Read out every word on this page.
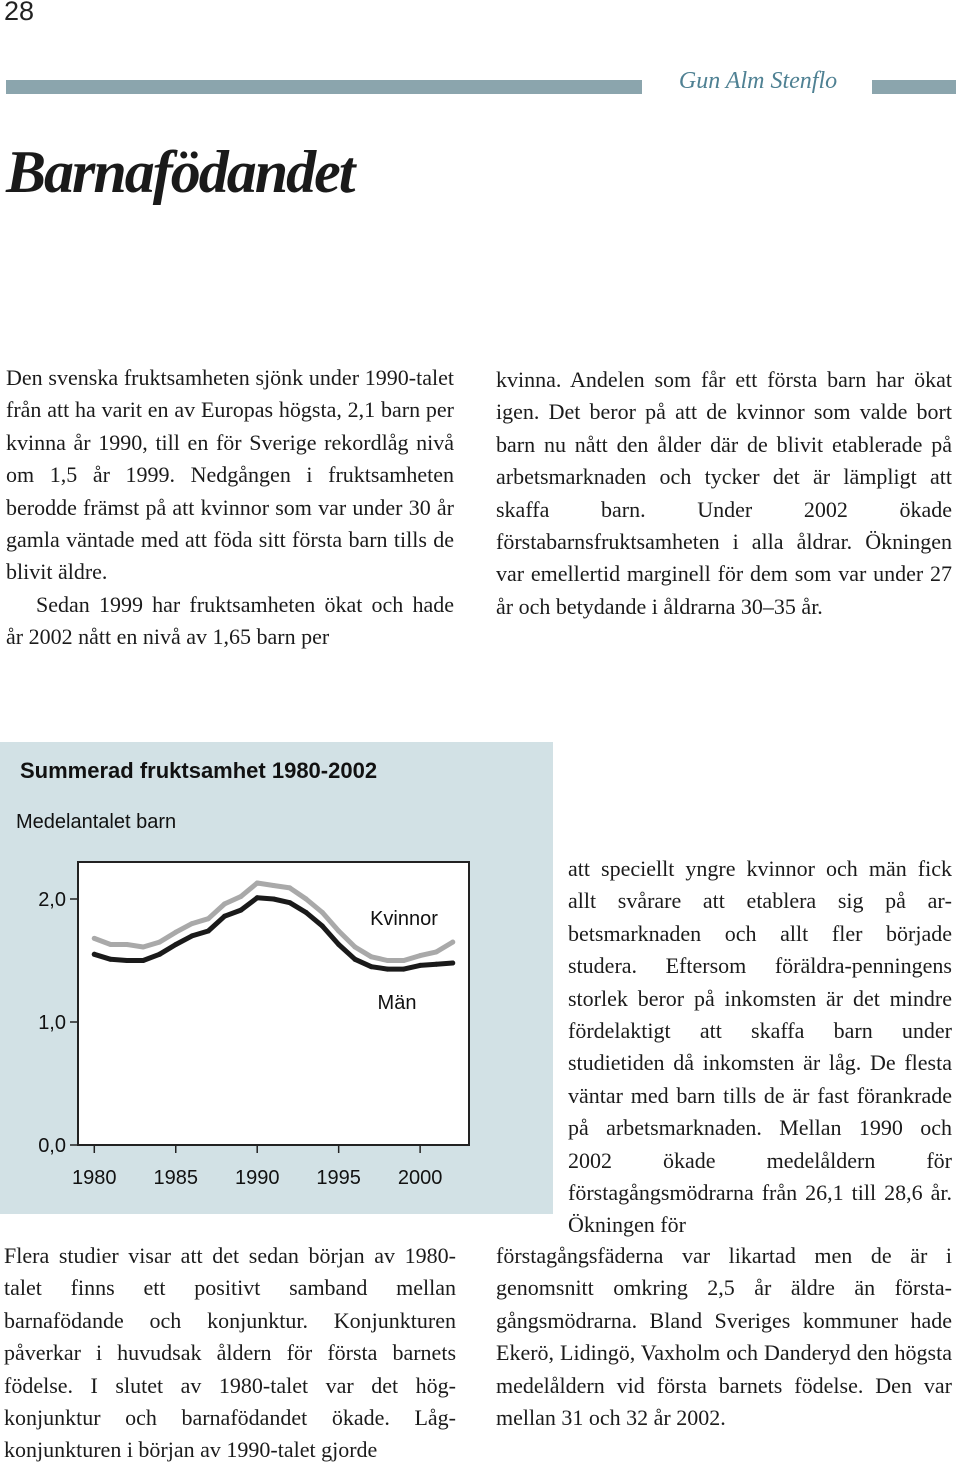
28
Gun Alm Stenflo
Barnafödandet

Den svenska fruktsamheten sjönk under 1990-talet från att ha varit en av Europas högsta, 2,1 barn per kvinna år 1990, till en för Sverige rekordlåg nivå om 1,5 år 1999. Nedgången i fruktsamheten berodde främst på att kvinnor som var under 30 år gamla väntade med att föda sitt första barn tills de blivit äldre.

Sedan 1999 har fruktsamheten ökat och hade år 2002 nått en nivå av 1,65 barn per

kvinna. Andelen som får ett första barn har ökat igen. Det beror på att de kvinnor som valde bort barn nu nått den ålder där de blivit etablerade på arbetsmarknaden och tycker det är lämpligt att skaffa barn. Under 2002 ökade förstabarnsfruktsamheten i alla åldrar. Ökningen var emellertid marginell för dem som var under 27 år och betydande i åldrarna 30–35 år.

Summerad fruktsamhet 1980-2002
Medelantalet barn
0,0
1,0
2,0
1980 1985 1990 1995 2000
Kvinnor
Män

Flera studier visar att det sedan början av 1980-talet finns ett positivt samband mellan barnafödande och konjunktur. Konjunkturen påverkar i huvudsak åldern för första barnets födelse. I slutet av 1980-talet var det högkonjunktur och barnafödandet ökade. Lågkonjunkturen i början av 1990-talet gjorde

att speciellt yngre kvinnor och män fick allt svårare att etablera sig på arbetsmarknaden och allt fler började studera. Eftersom föräldra-penningens storlek beror på inkomsten är det mindre fördelaktigt att skaffa barn under studietiden då inkomsten är låg. De flesta väntar med barn tills de är fast förankrade på arbetsmarknaden. Mellan 1990 och 2002 ökade medelåldern för förstagångsmödrarna från 26,1 till 28,6 år. Ökningen för

förstagångsfäderna var likartad men de är i genomsnitt omkring 2,5 år äldre än förstagångsmödrarna. Bland Sveriges kommuner hade Ekerö, Lidingö, Vaxholm och Danderyd den högsta medelåldern vid första barnets födelse. Den var mellan 31 och 32 år 2002.
